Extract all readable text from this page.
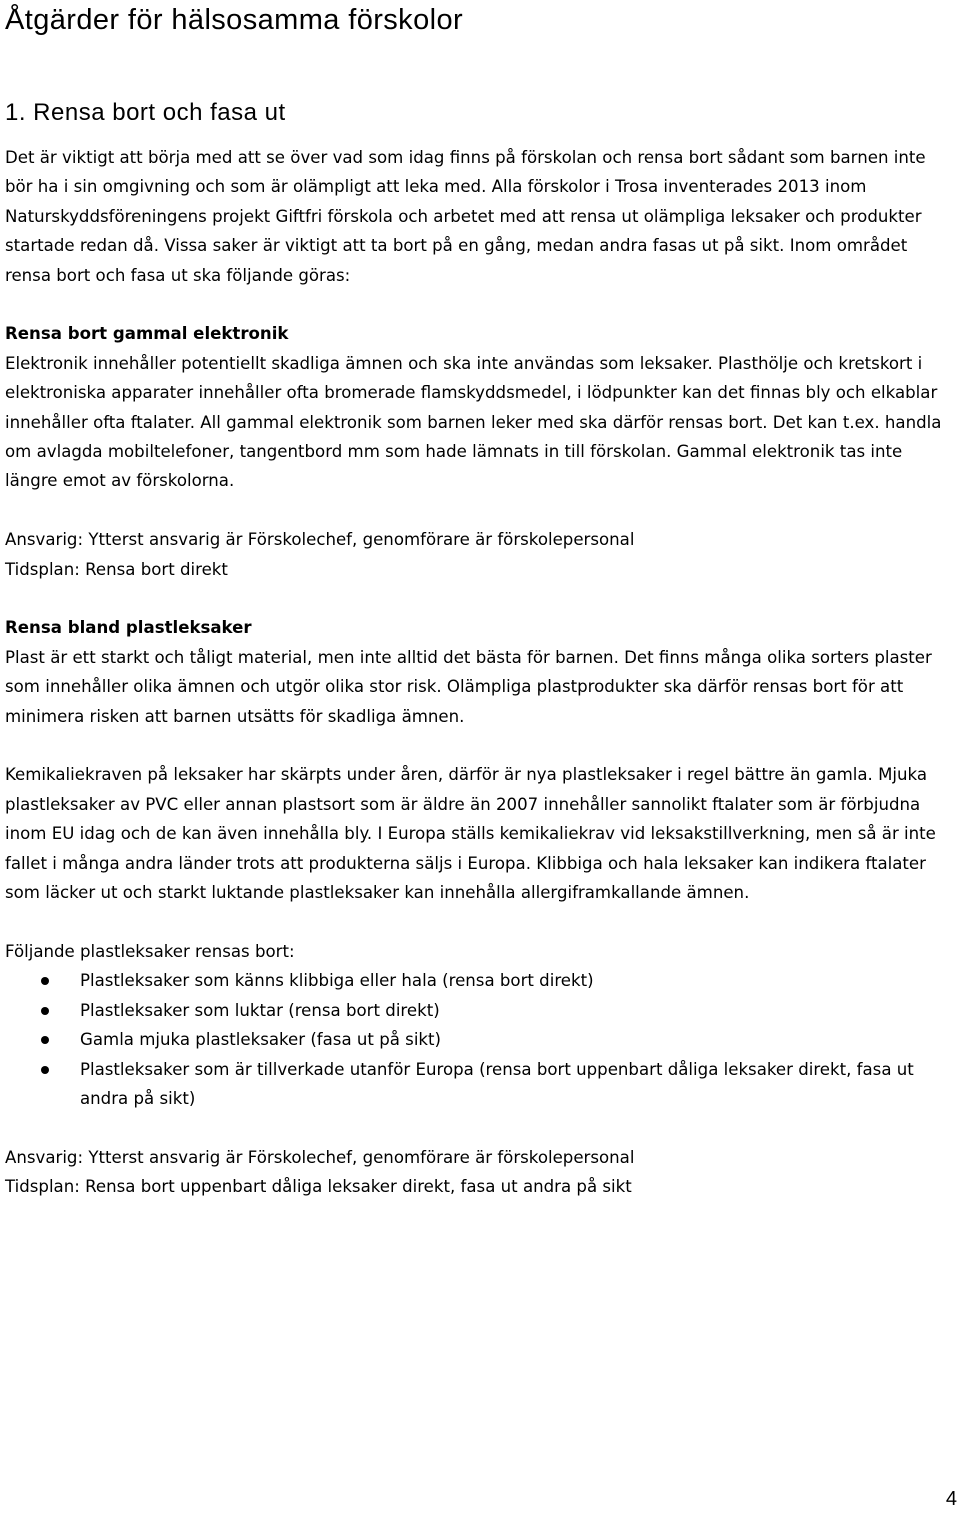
Åtgärder för hälsosamma förskolor
1. Rensa bort och fasa ut

Det är viktigt att börja med att se över vad som idag finns på förskolan och rensa bort sådant som barnen inte bör ha i sin omgivning och som är olämpligt att leka med. Alla förskolor i Trosa inventerades 2013 inom Naturskyddsföreningens projekt Giftfri förskola och arbetet med att rensa ut olämpliga leksaker och produkter startade redan då. Vissa saker är viktigt att ta bort på en gång, medan andra fasas ut på sikt. Inom området rensa bort och fasa ut ska följande göras:

Rensa bort gammal elektronik

Elektronik innehåller potentiellt skadliga ämnen och ska inte användas som leksaker. Plasthölje och kretskort i elektroniska apparater innehåller ofta bromerade flamskyddsmedel, i lödpunkter kan det finnas bly och elkablar innehåller ofta ftalater. All gammal elektronik som barnen leker med ska därför rensas bort. Det kan t.ex. handla om avlagda mobiltelefoner, tangentbord mm som hade lämnats in till förskolan. Gammal elektronik tas inte längre emot av förskolorna.

Ansvarig: Ytterst ansvarig är Förskolechef, genomförare är förskolepersonal

Tidsplan: Rensa bort direkt

Rensa bland plastleksaker

Plast är ett starkt och tåligt material, men inte alltid det bästa för barnen. Det finns många olika sorters plaster som innehåller olika ämnen och utgör olika stor risk. Olämpliga plastprodukter ska därför rensas bort för att minimera risken att barnen utsätts för skadliga ämnen.

Kemikaliekraven på leksaker har skärpts under åren, därför är nya plastleksaker i regel bättre än gamla. Mjuka plastleksaker av PVC eller annan plastsort som är äldre än 2007 innehåller sannolikt ftalater som är förbjudna inom EU idag och de kan även innehålla bly. I Europa ställs kemikaliekrav vid leksakstillverkning, men så är inte fallet i många andra länder trots att produkterna säljs i Europa. Klibbiga och hala leksaker kan indikera ftalater som läcker ut och starkt luktande plastleksaker kan innehålla allergiframkallande ämnen.

Följande plastleksaker rensas bort:

Plastleksaker som känns klibbiga eller hala (rensa bort direkt)
Plastleksaker som luktar (rensa bort direkt)
Gamla mjuka plastleksaker (fasa ut på sikt)
Plastleksaker som är tillverkade utanför Europa (rensa bort uppenbart dåliga leksaker direkt, fasa ut andra på sikt)

Ansvarig: Ytterst ansvarig är Förskolechef, genomförare är förskolepersonal

Tidsplan: Rensa bort uppenbart dåliga leksaker direkt, fasa ut andra på sikt

4
